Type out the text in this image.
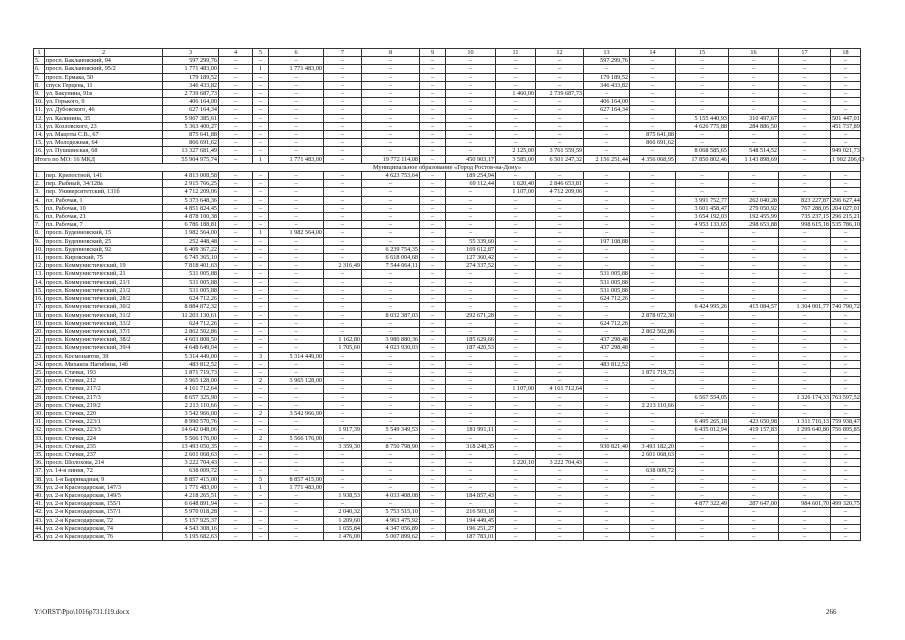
1	2	3	4	5	6	7	8	9	10	11	12	13	14	15	16	17	18
5.	просп. Баклановский, 94	597 299,76	–	–	–	–	–	–	–	–	–	597 299,76	–	–	–	–	–
6.	просп. Баклановский, 95/2	1 771 483,00	–	1	1 771 483,00	–	–	–	–	–	–	–	–	–	–	–	–
7.	просп. Ермака, 50	179 189,52	–	–	–	–	–	–	–	–	–	179 189,52	–	–	–	–	–
8.	спуск Герцена, 11	346 433,82	–	–	–	–	–	–	–	–	–	346 433,82	–	–	–	–	–
9.	ул. Бакунина, 91в	2 739 687,73	–	–	–	–	–	–	–	1 460,00	2 739 687,73	–	–	–	–	–	–
10.	ул. Горького, 9	406 164,00	–	–	–	–	–	–	–	–	–	406 164,00	–	–	–	–	–
11.	ул. Дубовского, 46	627 164,34	–	–	–	–	–	–	–	–	–	627 164,34	–	–	–	–	–
12.	ул. Калинина, 35	5 967 385,61	–	–	–	–	–	–	–	–	–	–	–	5 155 440,93	310 497,67	–	501 447,01
13.	ул. Козловского, 23	5 363 400,27	–	–	–	–	–	–	–	–	–	–	–	4 626 775,88	284 886,50	–	451 737,89
14.	ул. Мацоты С.В., 67	875 641,88	–	–	–	–	–	–	–	–	–	–	875 641,88	–	–	–	–
15.	ул. Молодежная, 64	866 691,62	–	–	–	–	–	–	–	–	–	–	866 691,62	–	–	–	–
16.	ул. Пушкинская, 68	13 327 681,49	–	–	–	–	–	–	–	2 125,00	3 761 559,59	–	–	8 068 585,65	548 514,52	–	949 021,73
Итого по МО: 16 МКД		55 904 975,74	–	1	1 771 483,00	–	19 772 114,08	–	450 903,17	3 585,00	6 501 247,32	2 156 251,44	4 356 068,95	17 850 802,46	1 143 898,69	–	1 902 206,63
Муниципальное образование «Город Ростов-на-Дону»																	
1.	пер. Крепостной, 141	4 813 008,58	–	–	–	–	4 623 753,64	–	189 254,94	–	–	–	–	–	–	–	–
2.	пер. Рыбный, 34/128а	2 915 766,25	–	–	–	–	–	–	69 112,44	1 620,40	2 846 653,81	–	–	–	–	–	–
3.	пер. Университетский, 131б	4 712 209,06	–	–	–	–	–	–	–	1 107,00	4 712 209,06	–	–	–	–	–	–
4.	пл. Рабочая, 1	5 373 648,36	–	–	–	–	–	–	–	–	–	–	–	3 991 752,77	262 040,28	823 227,87	296 627,44
5.	пл. Рабочая, 10	4 851 824,45	–	–	–	–	–	–	–	–	–	–	–	3 601 458,47	279 050,92	767 288,05	204 027,01
6.	пл. Рабочая, 21	4 878 100,38	–	–	–	–	–	–	–	–	–	–	–	3 654 192,03	192 455,99	735 237,15	296 215,21
7.	пл. Рабочая, 7	6 786 188,81	–	–	–	–	–	–	–	–	–	–	–	4 953 133,65	298 653,88	998 615,18	535 786,10
8.	просп. Буденновский, 15	1 982 564,00	–	1	1 982 564,00	–	–	–	–	–	–	–	–	–	–	–	–
9.	просп. Буденновский, 25	252 448,48	–	–	–	–	–	–	55 339,60	–	–	197 108,88	–	–	–	–	–
10.	просп. Буденновский, 92	6 409 367,22	–	–	–	–	6 239 754,35	–	169 612,87	–	–	–	–	–	–	–	–
11.	просп. Кировский, 75	6 745 365,10	–	–	–	–	6 618 004,68	–	127 360,42	–	–	–	–	–	–	–	–
12.	просп. Коммунистический, 19	7 818 401,63	–	–	–	2 316,49	7 544 064,11	–	274 337,52	–	–	–	–	–	–	–	–
13.	просп. Коммунистический, 21	531 005,88	–	–	–	–	–	–	–	–	–	531 005,88	–	–	–	–	–
14.	просп. Коммунистический, 21/1	531 005,88	–	–	–	–	–	–	–	–	–	531 005,88	–	–	–	–	–
15.	просп. Коммунистический, 21/2	531 005,88	–	–	–	–	–	–	–	–	–	531 005,88	–	–	–	–	–
16.	просп. Коммунистический, 28/2	624 712,26	–	–	–	–	–	–	–	–	–	624 712,26	–	–	–	–	–
17.	просп. Коммунистический, 30/2	8 884 872,32	–	–	–	–	–	–	–	–	–	–	–	6 424 995,26	415 084,57	1 304 001,77	740 790,72
18.	просп. Коммунистический, 31/2	11 203 130,61	–	–	–	–	8 032 387,03	–	292 671,28	–	–	–	2 878 072,30	–	–	–	–
19.	просп. Коммунистический, 33/2	624 712,26	–	–	–	–	–	–	–	–	–	624 712,26	–	–	–	–	–
20.	просп. Коммунистический, 37/1	2 862 502,86	–	–	–	–	–	–	–	–	–	–	2 862 502,86	–	–	–	–
21.	просп. Коммунистический, 38/2	4 603 808,50	–	–	–	1 162,80	3 980 880,36	–	185 629,66	–	–	437 298,48	–	–	–	–	–
22.	просп. Коммунистический, 39/4	4 648 649,04	–	–	–	1 705,60	4 023 930,03	–	187 420,53	–	–	437 298,48	–	–	–	–	–
23.	просп. Космонавтов, 39	5 314 449,00	–	3	5 314 449,00	–	–	–	–	–	–	–	–	–	–	–	–
24.	просп. Михаила Нагибина, 14б	483 812,52	–	–	–	–	–	–	–	–	–	483 812,52	–	–	–	–	–
25.	просп. Стачки, 193	1 871 719,73	–	–	–	–	–	–	–	–	–	–	1 871 719,73	–	–	–	–
26.	просп. Стачки, 212	3 965 128,00	–	2	3 965 128,00	–	–	–	–	–	–	–	–	–	–	–	–
27.	просп. Стачки, 217/2	4 161 712,64	–	–	–	–	–	–	–	1 107,00	4 161 712,64	–	–	–	–	–	–
28.	просп. Стачки, 217/3	8 657 325,90	–	–	–	–	–	–	–	–	–	–	–	6 567 554,05	–	1 326 174,33	763 597,52
29.	просп. Стачки, 219/2	2 213 110,66	–	–	–	–	–	–	–	–	–	–	2 213 110,66	–	–	–	–
30.	просп. Стачки, 220	3 542 966,00	–	2	3 542 966,00	–	–	–	–	–	–	–	–	–	–	–	–
31.	просп. Стачки, 223/1	8 990 570,76	–	–	–	–	–	–	–	–	–	–	–	6 495 265,18	423 650,98	1 311 716,13	759 938,47
32.	просп. Стачки, 223/3	14 642 048,06	–	–	–	1 917,39	5 549 349,53	–	181 991,11	–	–	–	–	6 435 012,94	419 157,83	1 299 640,80	756 895,85
33.	просп. Стачки, 224	5 566 176,00	–	2	5 566 176,00	–	–	–	–	–	–	–	–	–	–	–	–
34.	просп. Стачки, 235	13 493 050,35	–	–	–	3 359,30	8 750 798,90	–	318 248,35	–	–	930 821,40	3 493 182,20	–	–	–	–
35.	просп. Стачки, 237	2 601 068,63	–	–	–	–	–	–	–	–	–	–	2 601 068,63	–	–	–	–
36.	просп. Шолохова, 214	3 222 704,43	–	–	–	–	–	–	–	1 220,10	3 222 704,43	–	–	–	–	–	–
37.	ул. 14-я линия, 72	638 009,72	–	–	–	–	–	–	–	–	–	–	638 009,72	–	–	–	–
38.	ул. 1-я Баррикадная, 9	8 857 415,00	–	5	8 857 415,00	–	–	–	–	–	–	–	–	–	–	–	–
39.	ул. 2-я Краснодарская, 147/3	1 771 483,00	–	1	1 771 483,00	–	–	–	–	–	–	–	–	–	–	–	–
40.	ул. 2-я Краснодарская, 149/5	4 218 265,51	–	–	–	1 938,53	4 033 408,08	–	184 857,43	–	–	–	–	–	–	–	–
41.	ул. 2-я Краснодарская, 155/1	6 648 891,94	–	–	–	–	–	–	–	–	–	–	–	4 877 322,49	287 647,00	984 601,70	499 320,75
42.	ул. 2-я Краснодарская, 157/1	5 970 018,28	–	–	–	2 040,32	5 753 515,10	–	216 503,18	–	–	–	–	–	–	–	–
43.	ул. 2-я Краснодарская, 72	5 157 925,37	–	–	–	1 209,60	4 963 475,92	–	194 449,45	–	–	–	–	–	–	–	–
44.	ул. 2-я Краснодарская, 74	4 543 308,16	–	–	–	1 655,84	4 347 056,89	–	196 251,27	–	–	–	–	–	–	–	–
45.	ул. 2-я Краснодарская, 76	5 195 682,63	–	–	–	1 476,00	5 007 899,62	–	187 783,01	–	–	–	–	–	–	–	–
Y:\ORST\Ppo\1016p731.f19.docx	266
